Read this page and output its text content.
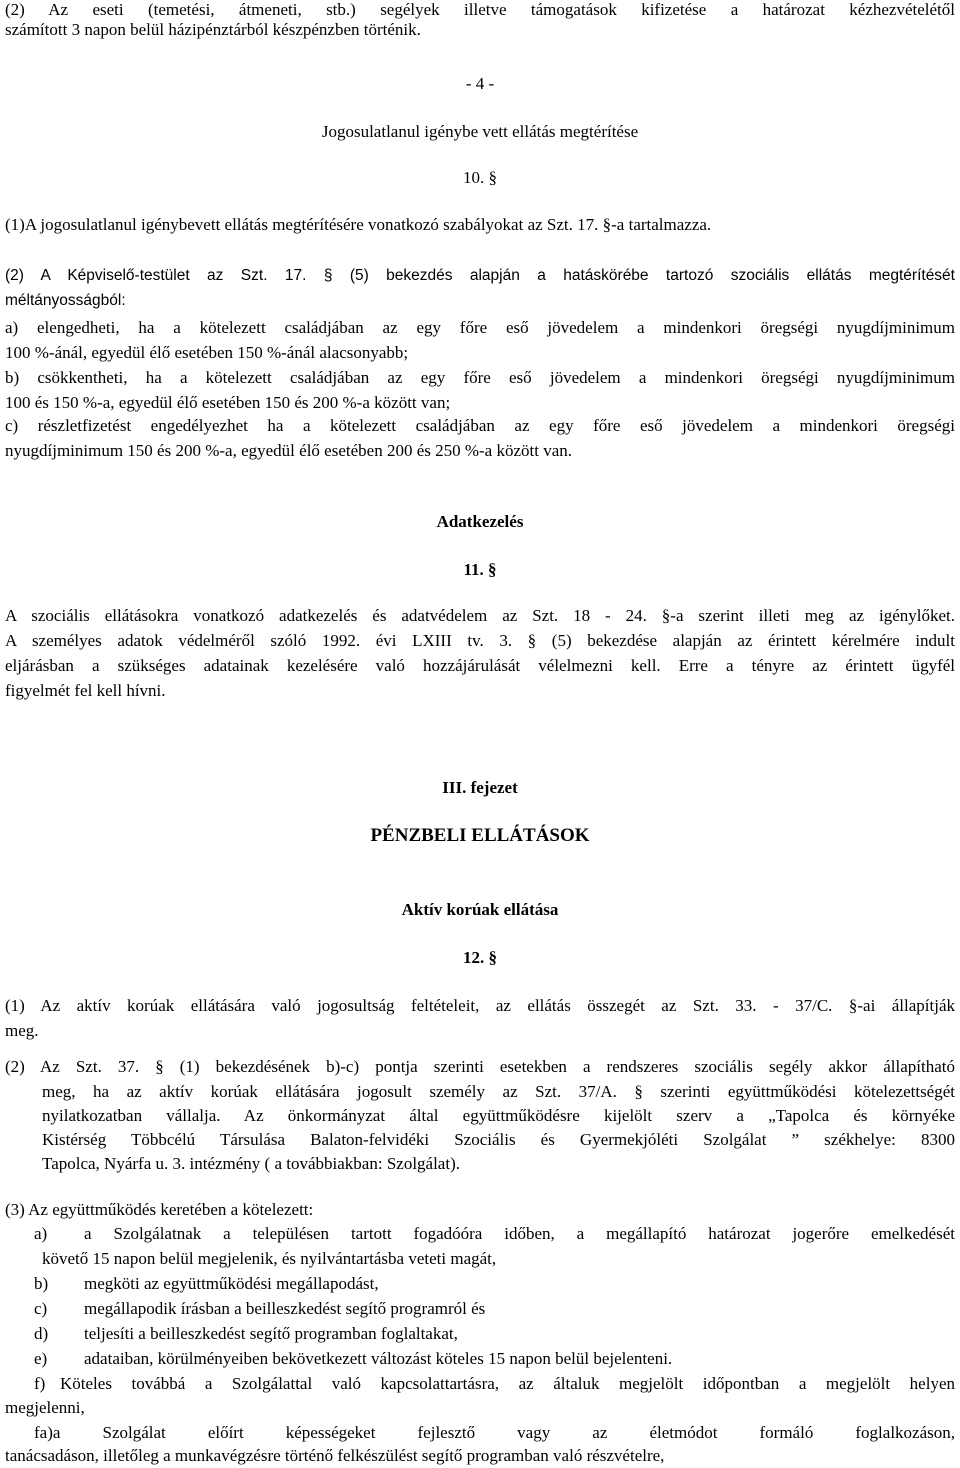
(2) Az eseti (temetési, átmeneti, stb.) segélyek illetve támogatások kifizetése a határozat kézhezvételétől
számított 3 napon belül házipénztárból készpénzben történik.
- 4 -
Jogosulatlanul igénybe vett ellátás megtérítése
10. §
(1)A jogosulatlanul igénybevett ellátás megtérítésére vonatkozó szabályokat az Szt. 17. §-a tartalmazza.
(2) A Képviselő-testület az Szt. 17. § (5) bekezdés alapján a hatáskörébe tartozó szociális ellátás megtérítését
méltányosságból:
a) elengedheti, ha a kötelezett családjában az egy főre eső jövedelem a mindenkori öregségi nyugdíjminimum
100 %-ánál, egyedül élő esetében 150 %-ánál alacsonyabb;
b) csökkentheti, ha a kötelezett családjában az egy főre eső jövedelem a mindenkori öregségi nyugdíjminimum
100 és 150 %-a, egyedül élő esetében 150 és 200 %-a között van;
c) részletfizetést engedélyezhet ha a kötelezett családjában az egy főre eső jövedelem a mindenkori öregségi
nyugdíjminimum 150 és 200 %-a, egyedül élő esetében 200 és 250 %-a között van.
Adatkezelés
11. §
A szociális ellátásokra vonatkozó adatkezelés és adatvédelem az Szt. 18 - 24. §-a szerint illeti meg az igénylőket.
A személyes adatok védelméről szóló 1992. évi LXIII tv. 3. § (5) bekezdése alapján az érintett kérelmére indult
eljárásban a szükséges adatainak kezelésére való hozzájárulását vélelmezni kell. Erre a tényre az érintett ügyfél
figyelmét fel kell hívni.
III. fejezet
PÉNZBELI ELLÁTÁSOK
Aktív korúak ellátása
12. §
(1) Az aktív korúak ellátására való jogosultság feltételeit, az ellátás összegét az Szt. 33. - 37/C. §-ai állapítják
meg.
(2) Az Szt. 37. § (1) bekezdésének b)-c) pontja szerinti esetekben a rendszeres szociális segély akkor állapítható
meg, ha az aktív korúak ellátására jogosult személy az Szt. 37/A. § szerinti együttműködési kötelezettségét
nyilatkozatban vállalja. Az önkormányzat által együttműködésre kijelölt szerv a „Tapolca és környéke
Kistérség Többcélú Társulása Balaton-felvidéki Szociális és Gyermekjóléti Szolgálat ” székhelye: 8300
Tapolca, Nyárfa u. 3. intézmény ( a továbbiakban: Szolgálat).
(3) Az együttműködés keretében a kötelezett:
a) a Szolgálatnak a településen tartott fogadóóra időben, a megállapító határozat jogerőre emelkedését
követő 15 napon belül megjelenik, és nyilvántartásba veteti magát,
b) megköti az együttműködési megállapodást,
c) megállapodik írásban a beilleszkedést segítő programról és
d) teljesíti a beilleszkedést segítő programban foglaltakat,
e) adataiban, körülményeiben bekövetkezett változást köteles 15 napon belül bejelenteni.
f) Köteles továbbá a Szolgálattal való kapcsolattartásra, az általuk megjelölt időpontban a megjelölt helyen
megjelenni,
fa)a Szolgálat előírt képességeket fejlesztő vagy az életmódot formáló foglalkozáson,
tanácsadáson, illetőleg a munkavégzésre történő felkészülést segítő programban való részvételre,
